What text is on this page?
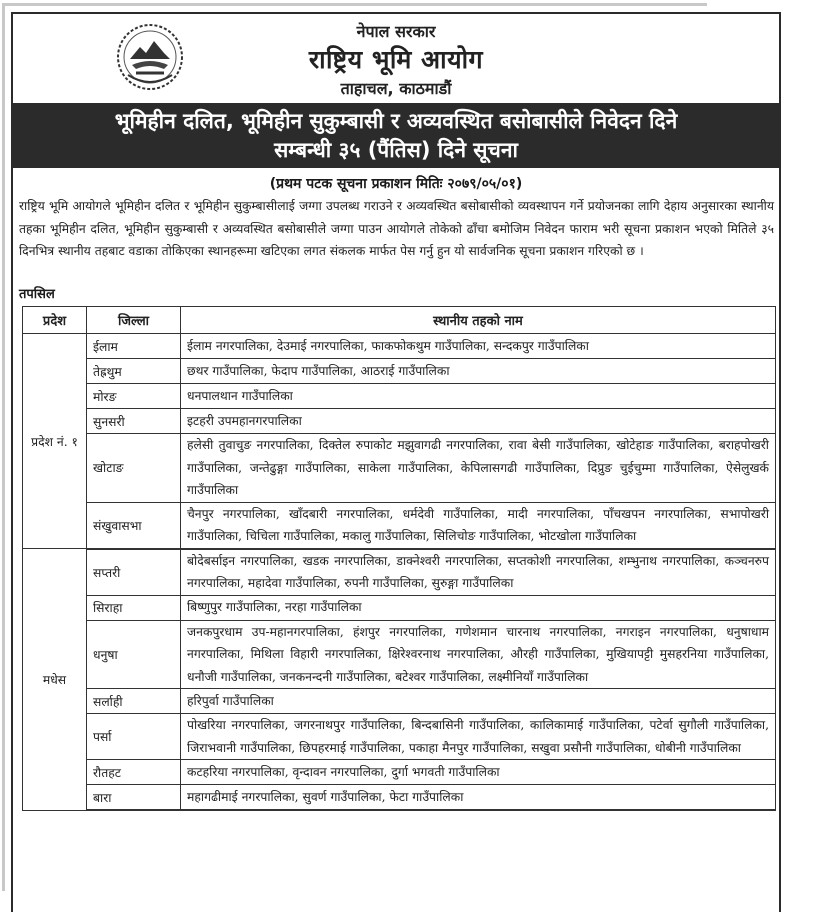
नेपाल सरकार
राष्ट्रिय भूमि आयोग
ताहाचल, काठमाडौं
भूमिहीन दलित, भूमिहीन सुकुम्बासी र अव्यवस्थित बसोबासीले निवेदन दिने
सम्बन्धी ३५ (पैंतिस) दिने सूचना
(प्रथम पटक सूचना प्रकाशन मितिः २०७९/०५/०१)
राष्ट्रिय भूमि आयोगले भूमिहीन दलित र भूमिहीन सुकुम्बासीलाई जग्गा उपलब्ध गराउने र अव्यवस्थित बसोबासीको व्यवस्थापन गर्ने प्रयोजनका लागि देहाय अनुसारका स्थानीय तहका भूमिहीन दलित, भूमिहीन सुकुम्बासी र अव्यवस्थित बसोबासीले जग्गा पाउन आयोगले तोकेको ढाँचा बमोजिम निवेदन फाराम भरी सूचना प्रकाशन भएको मितिले ३५ दिनभित्र स्थानीय तहबाट वडाका तोकिएका स्थानहरूमा खटिएका लगत संकलक मार्फत पेस गर्नु हुन यो सार्वजनिक सूचना प्रकाशन गरिएको छ ।
तपसिल
प्रदेश	जिल्ला	स्थानीय तहको नाम
प्रदेश नं. १	ईलाम	ईलाम नगरपालिका, देउमाई नगरपालिका, फाकफोकथुम गाउँपालिका, सन्दकपुर गाउँपालिका
	तेह्रथुम	छथर गाउँपालिका, फेदाप गाउँपालिका, आठराई गाउँपालिका
	मोरङ	धनपालथान गाउँपालिका
	सुनसरी	इटहरी उपमहानगरपालिका
	खोटाङ	हलेसी तुवाचुङ नगरपालिका, दिक्तेल रुपाकोट मझुवागढी नगरपालिका, रावा बेसी गाउँपालिका, खोटेहाङ गाउँपालिका, बराहपोखरी गाउँपालिका, जन्तेढुङ्गा गाउँपालिका, साकेला गाउँपालिका, केपिलासगढी गाउँपालिका, दिप्रुङ चुईचुम्मा गाउँपालिका, ऐसेलुखर्क गाउँपालिका
	संखुवासभा	चैनपुर नगरपालिका, खाँदबारी नगरपालिका, धर्मदेवी गाउँपालिका, मादी नगरपालिका, पाँचखपन नगरपालिका, सभापोखरी गाउँपालिका, चिचिला गाउँपालिका, मकालु गाउँपालिका, सिलिचोङ गाउँपालिका, भोटखोला गाउँपालिका
मधेस	सप्तरी	बोदेबर्साइन नगरपालिका, खडक नगरपालिका, डाक्नेश्वरी नगरपालिका, सप्तकोशी नगरपालिका, शम्भुनाथ नगरपालिका, कञ्चनरुप नगरपालिका, महादेवा गाउँपालिका, रुपनी गाउँपालिका, सुरुङ्गा गाउँपालिका
	सिराहा	बिष्णुपुर गाउँपालिका, नरहा गाउँपालिका
	धनुषा	जनकपुरधाम उप-महानगरपालिका, हंशपुर नगरपालिका, गणेशमान चारनाथ नगरपालिका, नगराइन नगरपालिका, धनुषाधाम नगरपालिका, मिथिला विहारी नगरपालिका, क्षिरेश्वरनाथ नगरपालिका, औरही गाउँपालिका, मुखियापट्टी मुसहरनिया गाउँपालिका, धनौजी गाउँपालिका, जनकनन्दनी गाउँपालिका, बटेश्वर गाउँपालिका, लक्ष्मीनियाँ गाउँपालिका
	सर्लाही	हरिपुर्वा गाउँपालिका
	पर्सा	पोखरिया नगरपालिका, जगरनाथपुर गाउँपालिका, बिन्दबासिनी गाउँपालिका, कालिकामाई गाउँपालिका, पटेर्वा सुगौली गाउँपालिका, जिराभवानी गाउँपालिका, छिपहरमाई गाउँपालिका, पकाहा मैनपुर गाउँपालिका, सखुवा प्रसौनी गाउँपालिका, धोबीनी गाउँपालिका
	रौतहट	कटहरिया नगरपालिका, वृन्दावन नगरपालिका, दुर्गा भगवती गाउँपालिका
	बारा	महागढीमाई नगरपालिका, सुवर्ण गाउँपालिका, फेटा गाउँपालिका
